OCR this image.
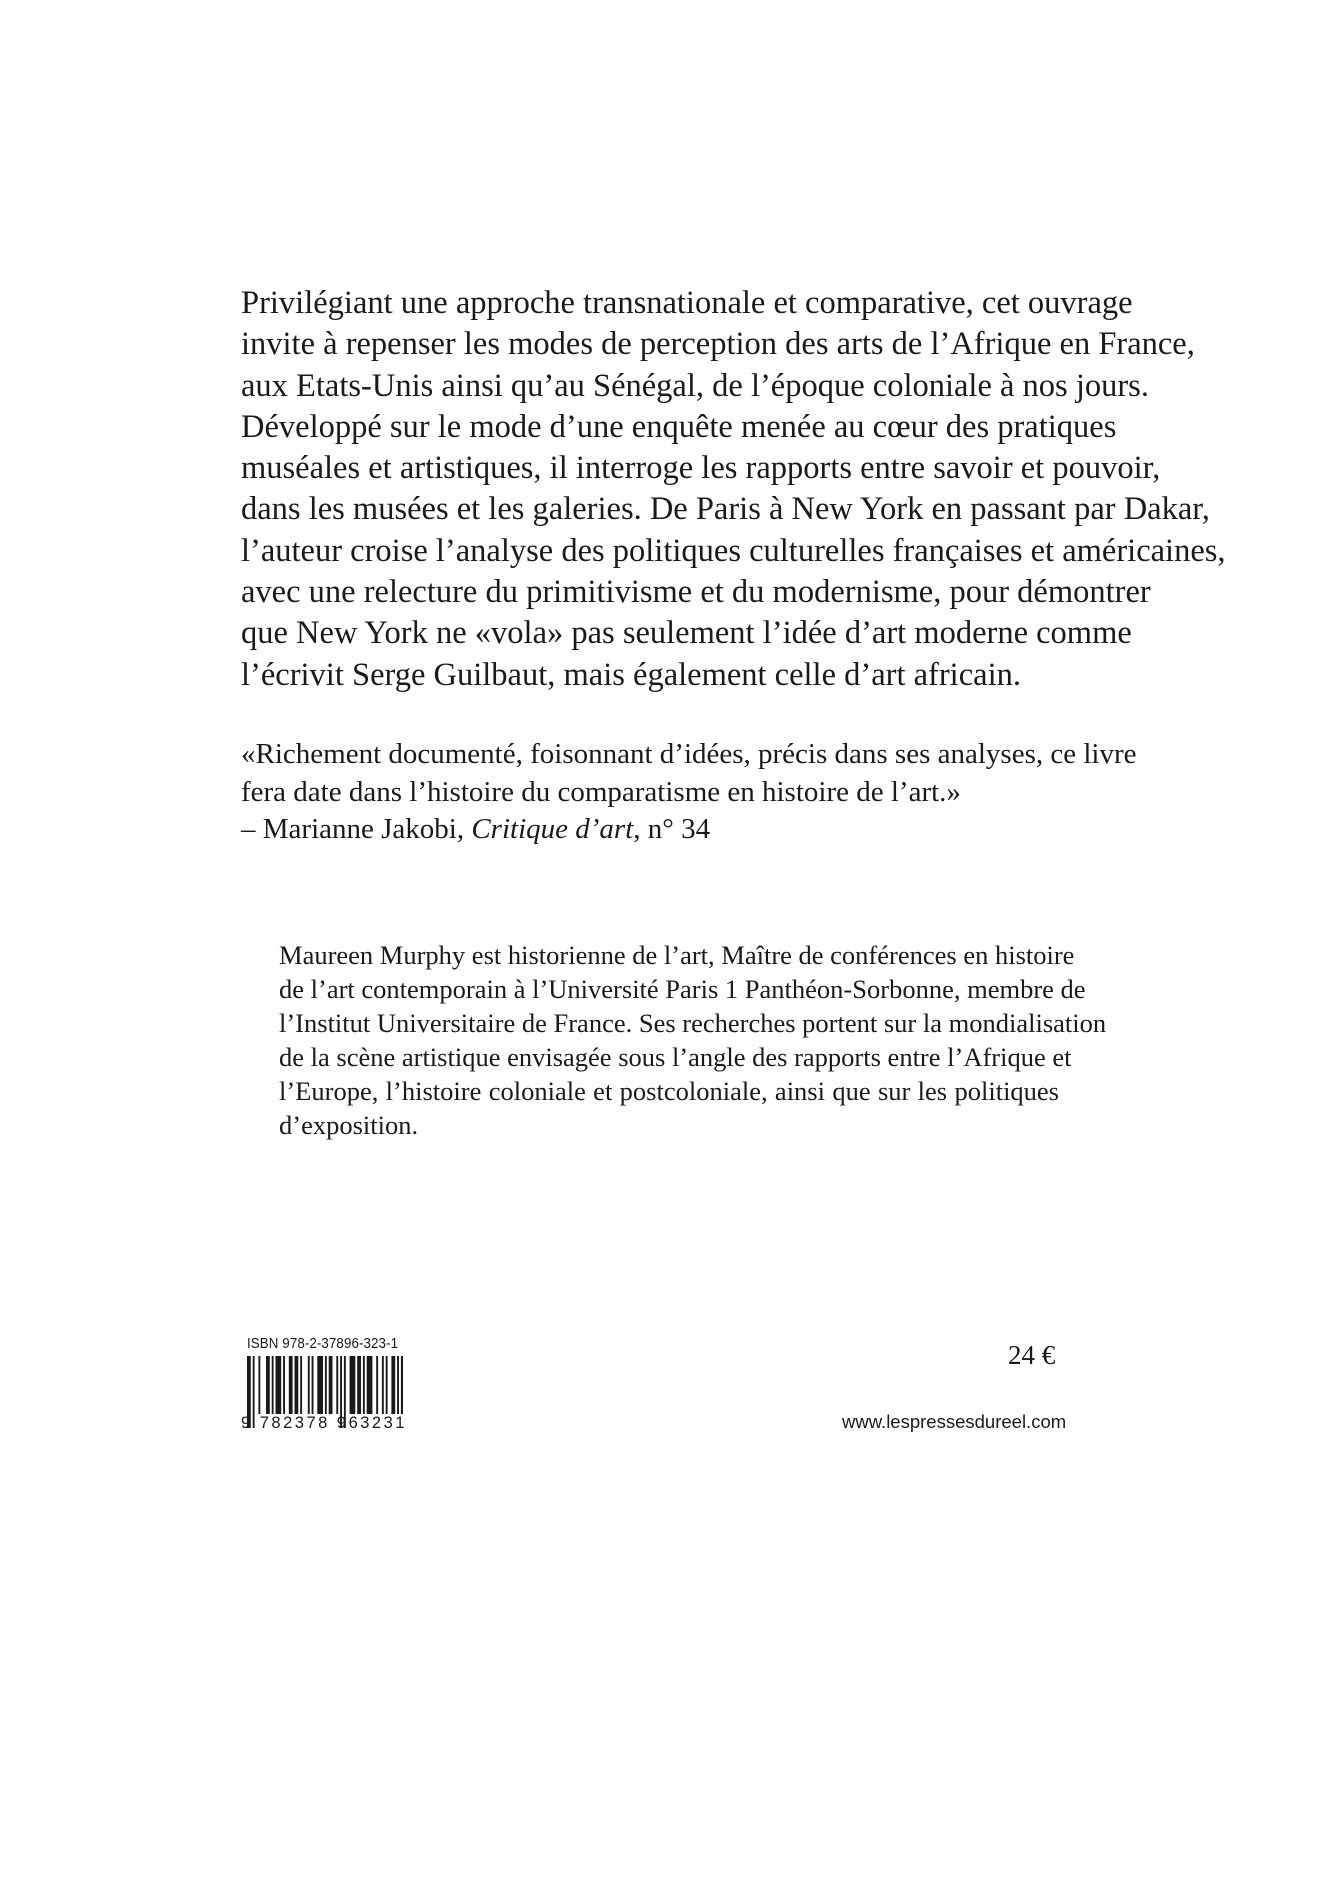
Privilégiant une approche transnationale et comparative, cet ouvrage
invite à repenser les modes de perception des arts de l’Afrique en France,
aux Etats-Unis ainsi qu’au Sénégal, de l’époque coloniale à nos jours.
Développé sur le mode d’une enquête menée au cœur des pratiques
muséales et artistiques, il interroge les rapports entre savoir et pouvoir,
dans les musées et les galeries. De Paris à New York en passant par Dakar,
l’auteur croise l’analyse des politiques culturelles françaises et américaines,
avec une relecture du primitivisme et du modernisme, pour démontrer
que New York ne «vola» pas seulement l’idée d’art moderne comme
l’écrivit Serge Guilbaut, mais également celle d’art africain.
«Richement documenté, foisonnant d’idées, précis dans ses analyses, ce livre
fera date dans l’histoire du comparatisme en histoire de l’art.»
– Marianne Jakobi, Critique d’art, n° 34
Maureen Murphy est historienne de l’art, Maître de conférences en histoire
de l’art contemporain à l’Université Paris 1 Panthéon-Sorbonne, membre de
l’Institut Universitaire de France. Ses recherches portent sur la mondialisation
de la scène artistique envisagée sous l’angle des rapports entre l’Afrique et
l’Europe, l’histoire coloniale et postcoloniale, ainsi que sur les politiques
d’exposition.
ISBN 978-2-37896-323-1
9 782378 963231
24 €
www.lespressesdureel.com
